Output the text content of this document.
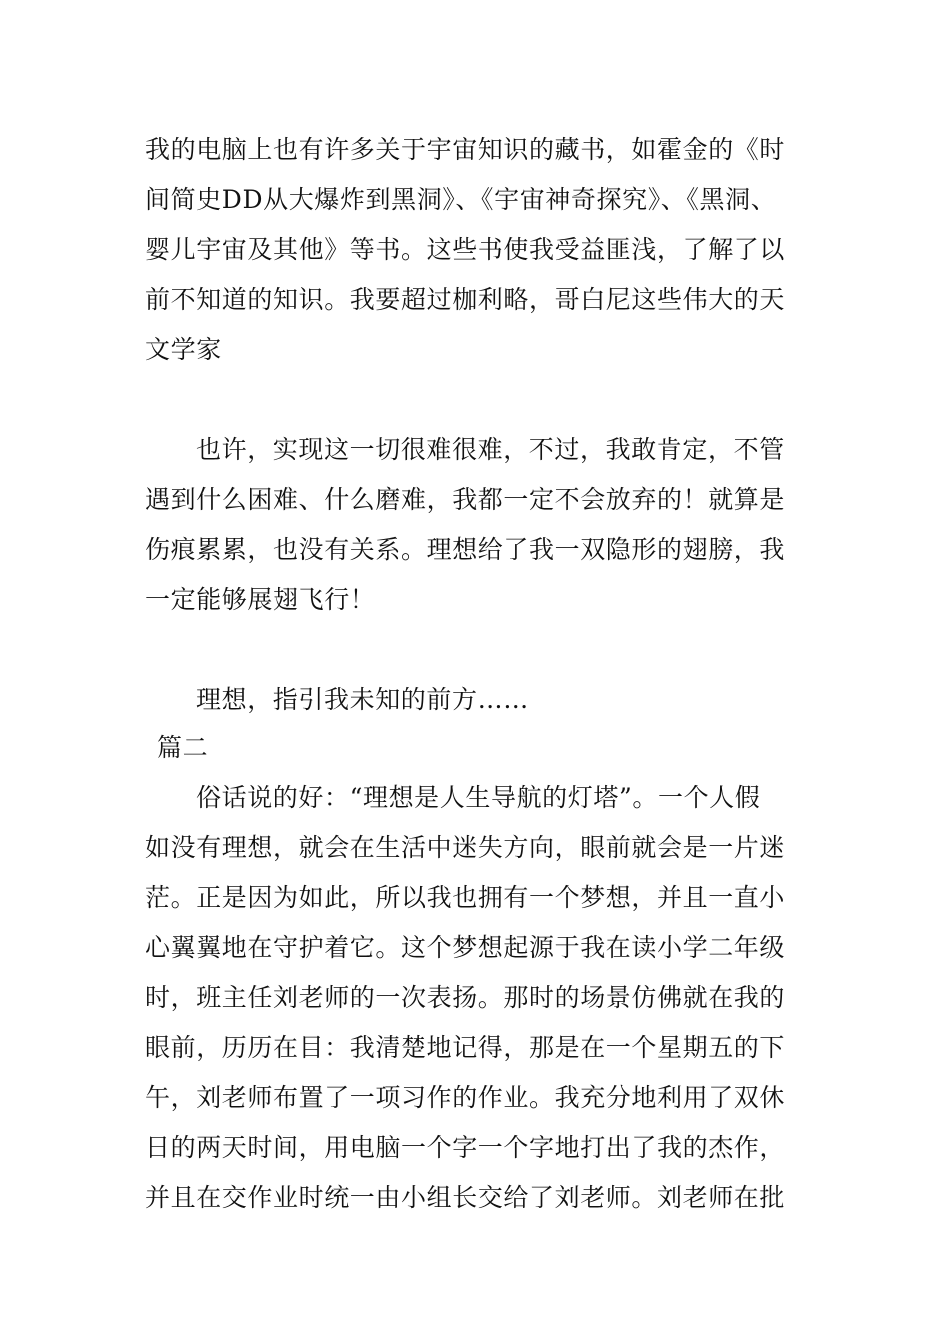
我的电脑上也有许多关于宇宙知识的藏书，如霍金的《时
间简史DD从大爆炸到黑洞》、《宇宙神奇探究》、《黑洞、
婴儿宇宙及其他》等书。这些书使我受益匪浅，了解了以
前不知道的知识。我要超过枷利略，哥白尼这些伟大的天
文学家
也许，实现这一切很难很难，不过，我敢肯定，不管
遇到什么困难、什么磨难，我都一定不会放弃的！就算是
伤痕累累，也没有关系。理想给了我一双隐形的翅膀，我
一定能够展翅飞行！
理想，指引我未知的前方……
篇二
俗话说的好：“理想是人生导航的灯塔”。一个人假
如没有理想，就会在生活中迷失方向，眼前就会是一片迷
茫。正是因为如此，所以我也拥有一个梦想，并且一直小
心翼翼地在守护着它。这个梦想起源于我在读小学二年级
时，班主任刘老师的一次表扬。那时的场景仿佛就在我的
眼前，历历在目：我清楚地记得，那是在一个星期五的下
午，刘老师布置了一项习作的作业。我充分地利用了双休
日的两天时间，用电脑一个字一个字地打出了我的杰作，
并且在交作业时统一由小组长交给了刘老师。刘老师在批
